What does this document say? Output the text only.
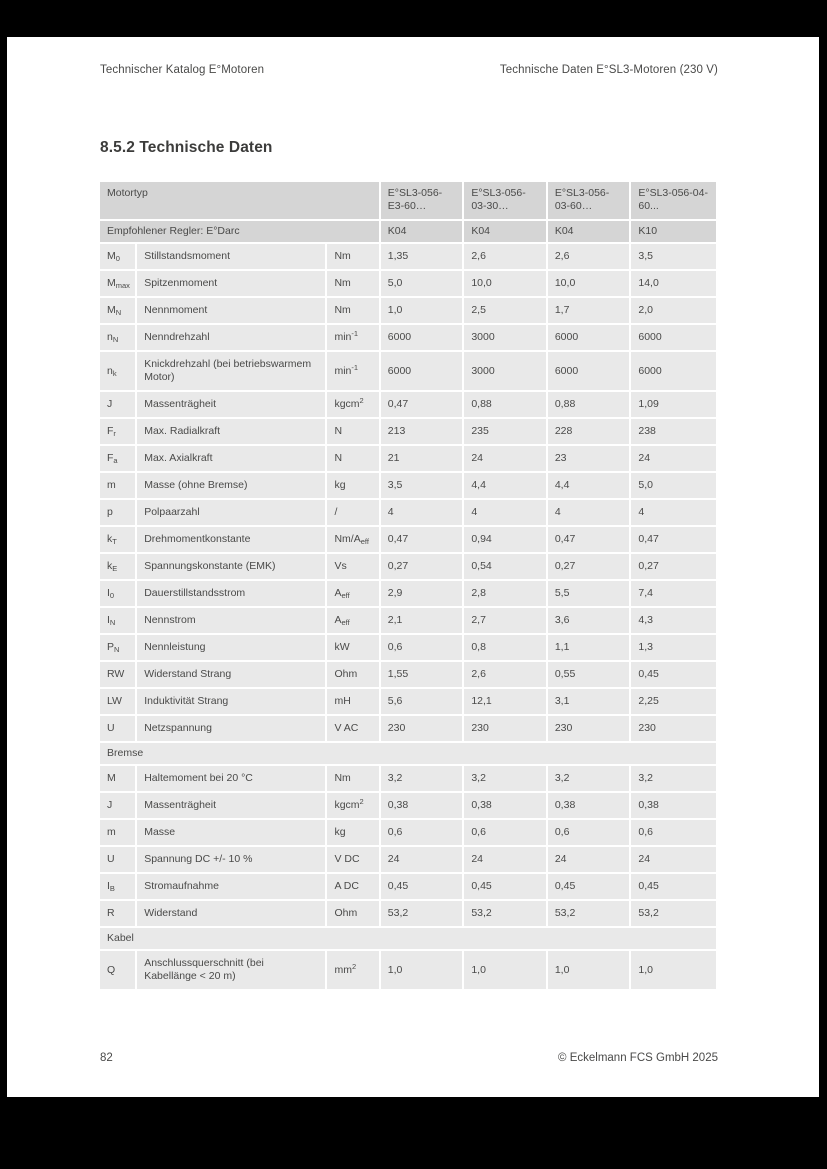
Technischer Katalog E°Motoren	Technische Daten E°SL3-Motoren (230 V)
8.5.2 Technische Daten
Motortyp			E°SL3-056-E3-60…	E°SL3-056-03-30…	E°SL3-056-03-60…	E°SL3-056-04-60...
Empfohlener Regler: E°Darc			K04	K04	K04	K10
$M_0$	Stillstandsmoment	Nm	1,35	2,6	2,6	3,5
$M_{max}$	Spitzenmoment	Nm	5,0	10,0	10,0	14,0
$M_N$	Nennmoment	Nm	1,0	2,5	1,7	2,0
$n_N$	Nenndrehzahl	$\min^{-1}$	6000	3000	6000	6000
$n_k$	Knickdrehzahl (bei betriebswarmem Motor)	$\min^{-1}$	6000	3000	6000	6000
J	Massenträgheit	kgcm$^2$	0,47	0,88	0,88	1,09
$F_r$	Max. Radialkraft	N	213	235	228	238
$F_a$	Max. Axialkraft	N	21	24	23	24
m	Masse (ohne Bremse)	kg	3,5	4,4	4,4	5,0
p	Polpaarzahl	/	4	4	4	4
$k_T$	Drehmomentkonstante	$Nm/A_{eff}$	0,47	0,94	0,47	0,47
$k_E$	Spannungskonstante (EMK)	Vs	0,27	0,54	0,27	0,27
$I_0$	Dauerstillstandsstrom	$A_{eff}$	2,9	2,8	5,5	7,4
$I_N$	Nennstrom	$A_{eff}$	2,1	2,7	3,6	4,3
$P_N$	Nennleistung	kW	0,6	0,8	1,1	1,3
RW	Widerstand Strang	Ohm	1,55	2,6	0,55	0,45
LW	Induktivität Strang	mH	5,6	12,1	3,1	2,25
U	Netzspannung	V AC	230	230	230	230
Bremse						
M	Haltemoment bei 20 °C	Nm	3,2	3,2	3,2	3,2
J	Massenträgheit	kgcm$^2$	0,38	0,38	0,38	0,38
m	Masse	kg	0,6	0,6	0,6	0,6
U	Spannung DC +/- 10 %	V DC	24	24	24	24
$I_B$	Stromaufnahme	A DC	0,45	0,45	0,45	0,45
R	Widerstand	Ohm	53,2	53,2	53,2	53,2
Kabel						
Q	Anschlussquerschnitt (bei Kabellänge < 20 m)	$mm^2$	1,0	1,0	1,0	1,0
82	© Eckelmann FCS GmbH 2025
